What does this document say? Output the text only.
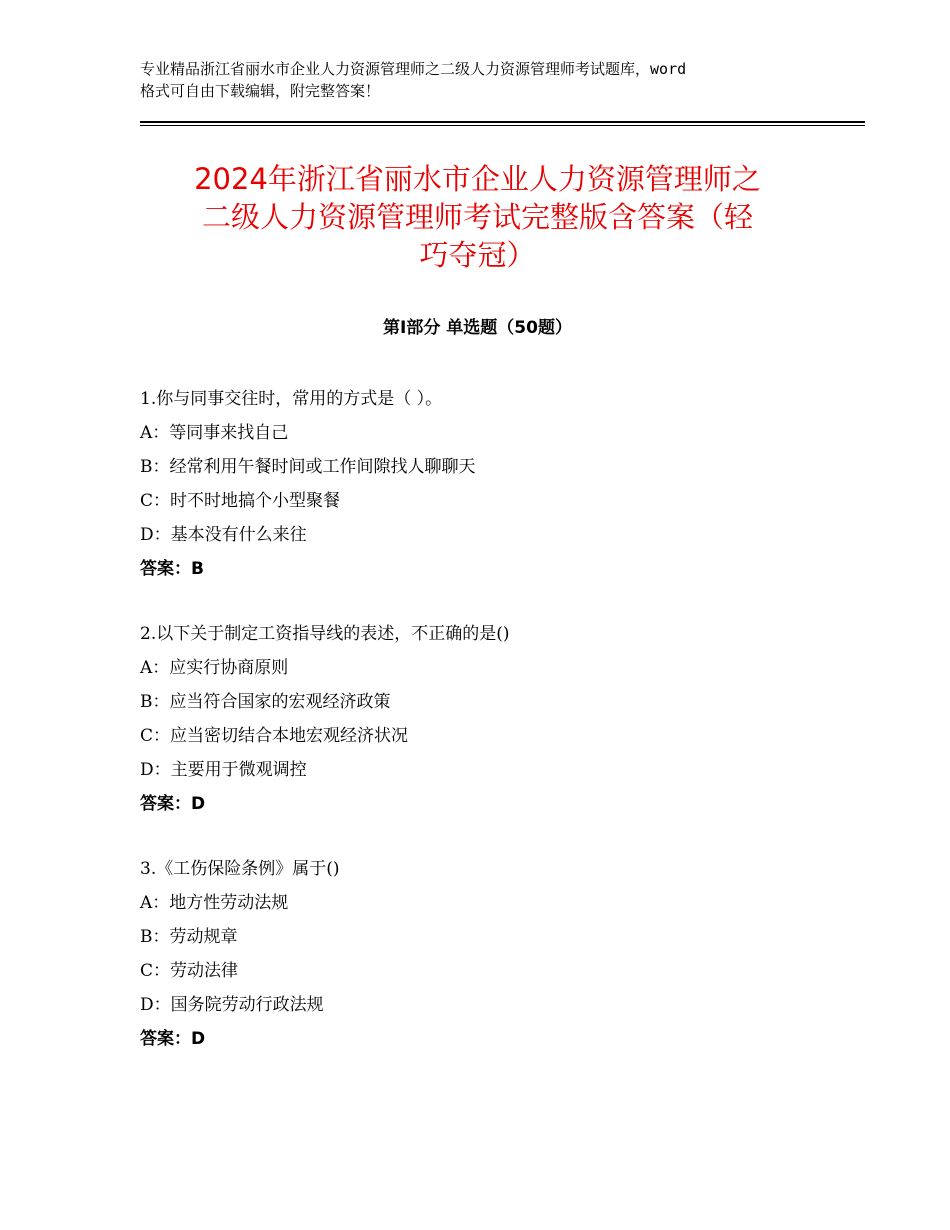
专业精品浙江省丽水市企业人力资源管理师之二级人力资源管理师考试题库，word
格式可自由下载编辑，附完整答案！
2024年浙江省丽水市企业人力资源管理师之
二级人力资源管理师考试完整版含答案（轻
巧夺冠）
第Ⅰ部分 单选题（50题）
1.你与同事交往时，常用的方式是（ ）。
A：等同事来找自己
B：经常利用午餐时间或工作间隙找人聊聊天
C：时不时地搞个小型聚餐
D：基本没有什么来往
答案：B
2.以下关于制定工资指导线的表述，不正确的是()
A：应实行协商原则
B：应当符合国家的宏观经济政策
C：应当密切结合本地宏观经济状况
D：主要用于微观调控
答案：D
3.《工伤保险条例》属于()
A：地方性劳动法规
B：劳动规章
C：劳动法律
D：国务院劳动行政法规
答案：D
